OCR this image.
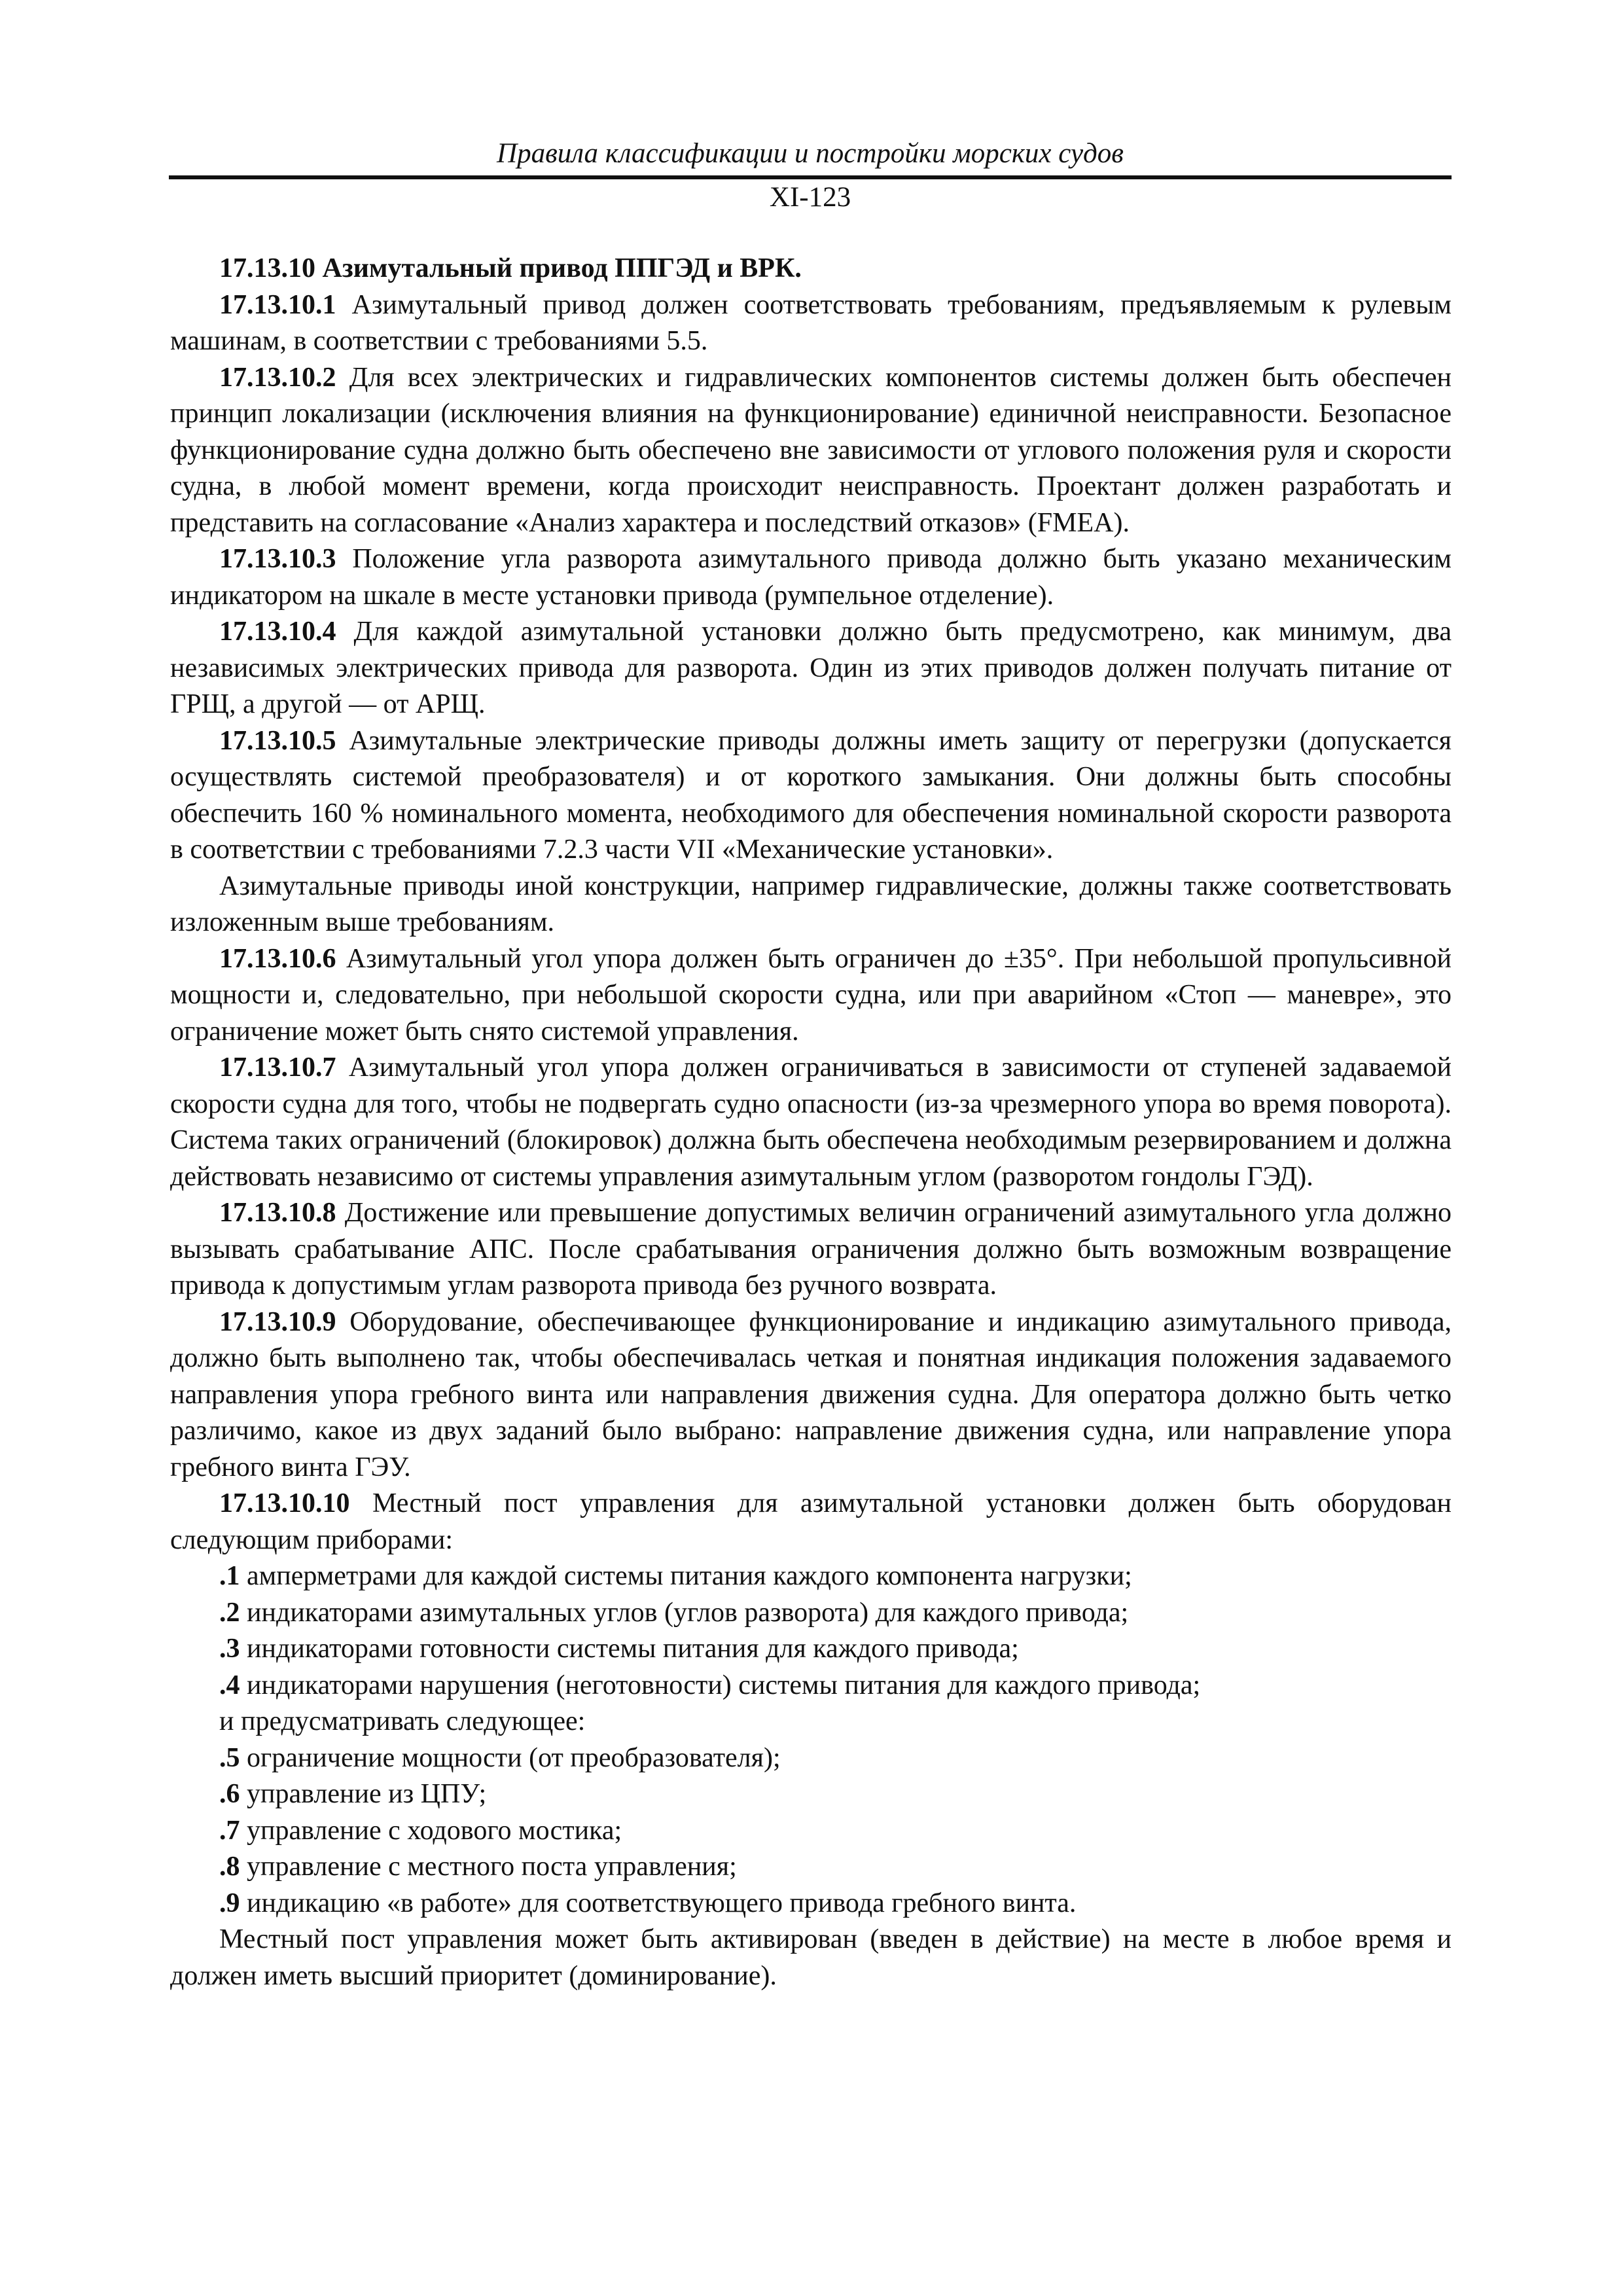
Правила классификации и постройки морских судов
XI-123

17.13.10 Азимутальный привод ППГЭД и ВРК.

17.13.10.1 Азимутальный привод должен соответствовать требованиям, предъявляемым к рулевым машинам, в соответствии с требованиями 5.5.

17.13.10.2 Для всех электрических и гидравлических компонентов системы должен быть обеспечен принцип локализации (исключения влияния на функционирование) единичной неисправности. Безопасное функционирование судна должно быть обеспечено вне зависимости от углового положения руля и скорости судна, в любой момент времени, когда происходит неисправность. Проектант должен разработать и представить на согласование «Анализ характера и последствий отказов» (FMEA).

17.13.10.3 Положение угла разворота азимутального привода должно быть указано механическим индикатором на шкале в месте установки привода (румпельное отделение).

17.13.10.4 Для каждой азимутальной установки должно быть предусмотрено, как минимум, два независимых электрических привода для разворота. Один из этих приводов должен получать питание от ГРЩ, а другой — от АРЩ.

17.13.10.5 Азимутальные электрические приводы должны иметь защиту от перегрузки (допускается осуществлять системой преобразователя) и от короткого замыкания. Они должны быть способны обеспечить 160 % номинального момента, необходимого для обеспечения номинальной скорости разворота в соответствии с требованиями 7.2.3 части VII «Механические установки».

Азимутальные приводы иной конструкции, например гидравлические, должны также соответствовать изложенным выше требованиям.

17.13.10.6 Азимутальный угол упора должен быть ограничен до ±35°. При небольшой пропульсивной мощности и, следовательно, при небольшой скорости судна, или при аварийном «Стоп — маневре», это ограничение может быть снято системой управления.

17.13.10.7 Азимутальный угол упора должен ограничиваться в зависимости от ступеней задаваемой скорости судна для того, чтобы не подвергать судно опасности (из-за чрезмерного упора во время поворота). Система таких ограничений (блокировок) должна быть обеспечена необходимым резервированием и должна действовать независимо от системы управления азимутальным углом (разворотом гондолы ГЭД).

17.13.10.8 Достижение или превышение допустимых величин ограничений азимутального угла должно вызывать срабатывание АПС. После срабатывания ограничения должно быть возможным возвращение привода к допустимым углам разворота привода без ручного возврата.

17.13.10.9 Оборудование, обеспечивающее функционирование и индикацию азимутального привода, должно быть выполнено так, чтобы обеспечивалась четкая и понятная индикация положения задаваемого направления упора гребного винта или направления движения судна. Для оператора должно быть четко различимо, какое из двух заданий было выбрано: направление движения судна, или направление упора гребного винта ГЭУ.

17.13.10.10 Местный пост управления для азимутальной установки должен быть оборудован следующим приборами:

.1 амперметрами для каждой системы питания каждого компонента нагрузки;

.2 индикаторами азимутальных углов (углов разворота) для каждого привода;

.3 индикаторами готовности системы питания для каждого привода;

.4 индикаторами нарушения (неготовности) системы питания для каждого привода;

и предусматривать следующее:

.5 ограничение мощности (от преобразователя);

.6 управление из ЦПУ;

.7 управление с ходового мостика;

.8 управление с местного поста управления;

.9 индикацию «в работе» для соответствующего привода гребного винта.

Местный пост управления может быть активирован (введен в действие) на месте в любое время и должен иметь высший приоритет (доминирование).
